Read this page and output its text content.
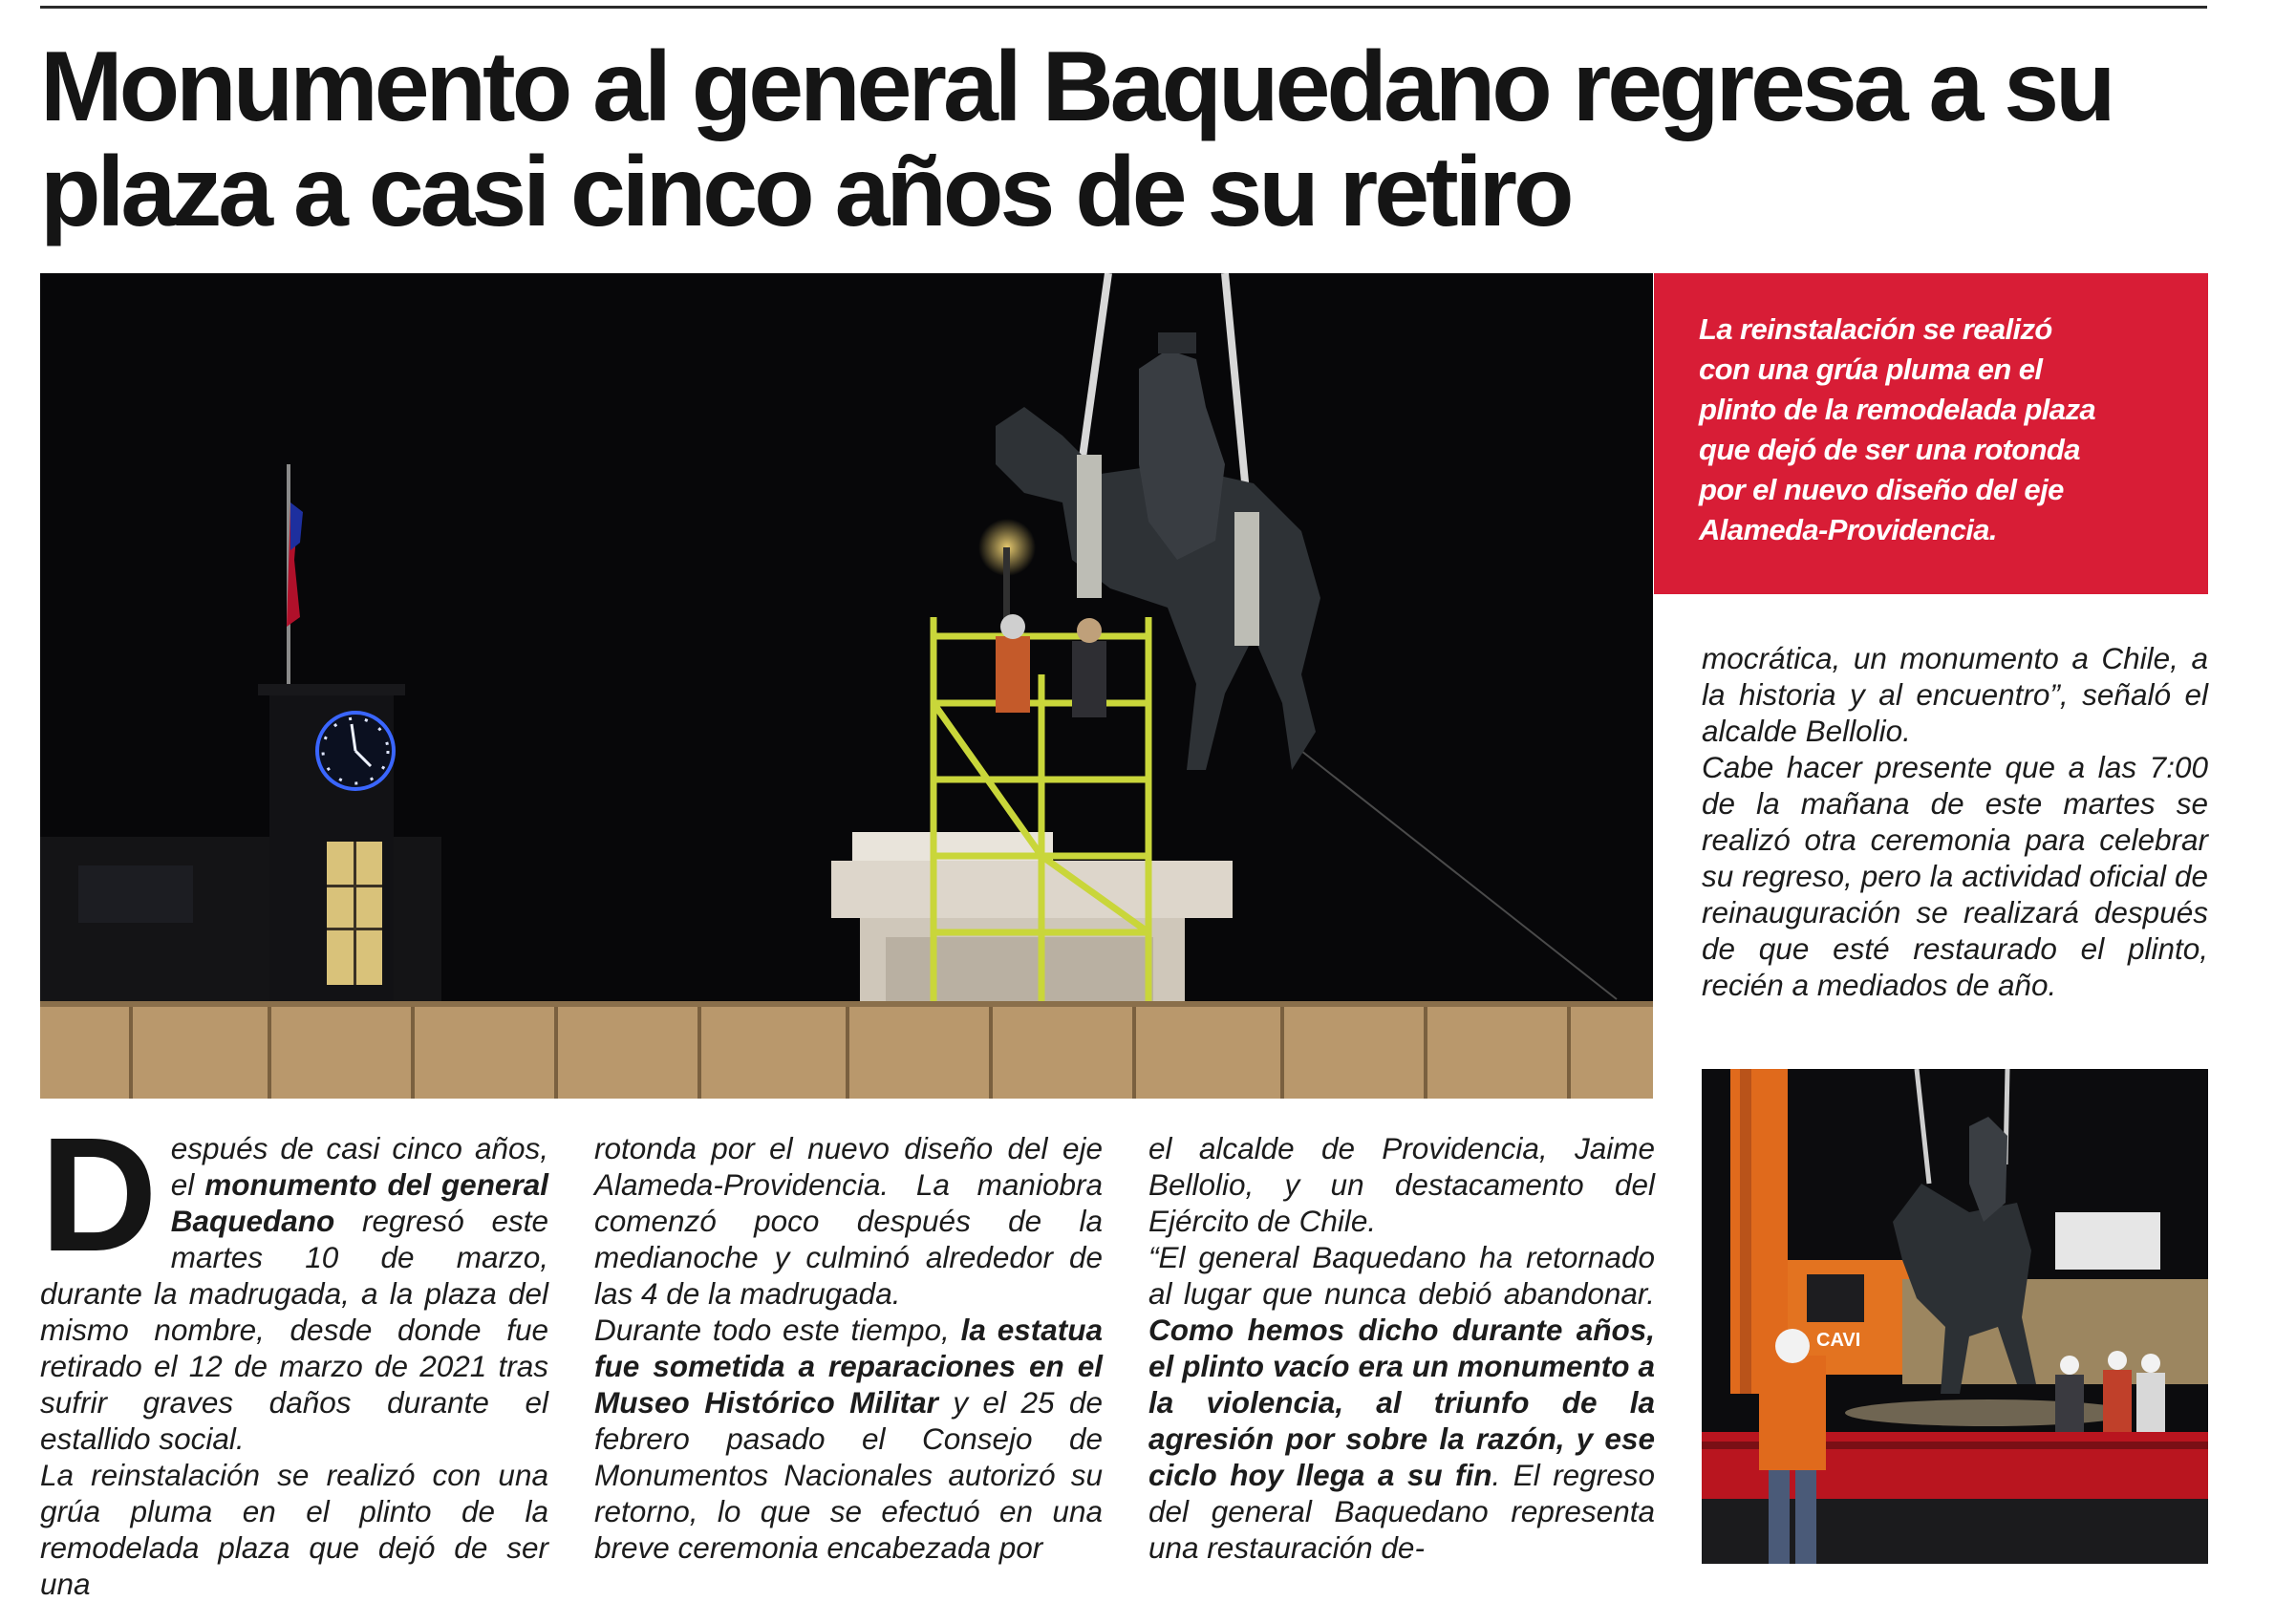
Monumento al general Baquedano regresa a su
plaza a casi cinco años de su retiro
La reinstalación se realizó
con una grúa pluma en el
plinto de la remodelada plaza
que dejó de ser una rotonda
por el nuevo diseño del eje
Alameda-Providencia.

mocrática, un monumento a Chile, a la historia y al encuentro”, señaló el alcalde Bellolio.

Cabe hacer presente que a las 7:00 de la mañana de este martes se realizó otra ceremonia para celebrar su regreso, pero la actividad oficial de reinauguración se realizará después de que esté restaurado el plinto, recién a mediados de año.

CAVI
D espués de casi cinco años, el monumento del general Baquedano regresó este martes 10 de marzo, durante la madrugada, a la plaza del mismo nombre, desde donde fue retirado el 12 de marzo de 2021 tras sufrir graves daños durante el estallido social.

La reinstalación se realizó con una grúa pluma en el plinto de la remodelada plaza que dejó de ser una

rotonda por el nuevo diseño del eje Alameda-Providencia. La maniobra comenzó poco después de la medianoche y culminó alrededor de las 4 de la madrugada.

Durante todo este tiempo, la estatua fue sometida a reparaciones en el Museo Histórico Militar y el 25 de febrero pasado el Consejo de Monumentos Nacionales autorizó su retorno, lo que se efectuó en una breve ceremonia encabezada por

el alcalde de Providencia, Jaime Bellolio, y un destacamento del Ejército de Chile.

“El general Baquedano ha retornado al lugar que nunca debió abandonar. Como hemos dicho durante años, el plinto vacío era un monumento a la violencia, al triunfo de la agresión por sobre la razón, y ese ciclo hoy llega a su fin. El regreso del general Baquedano representa una restauración de-
